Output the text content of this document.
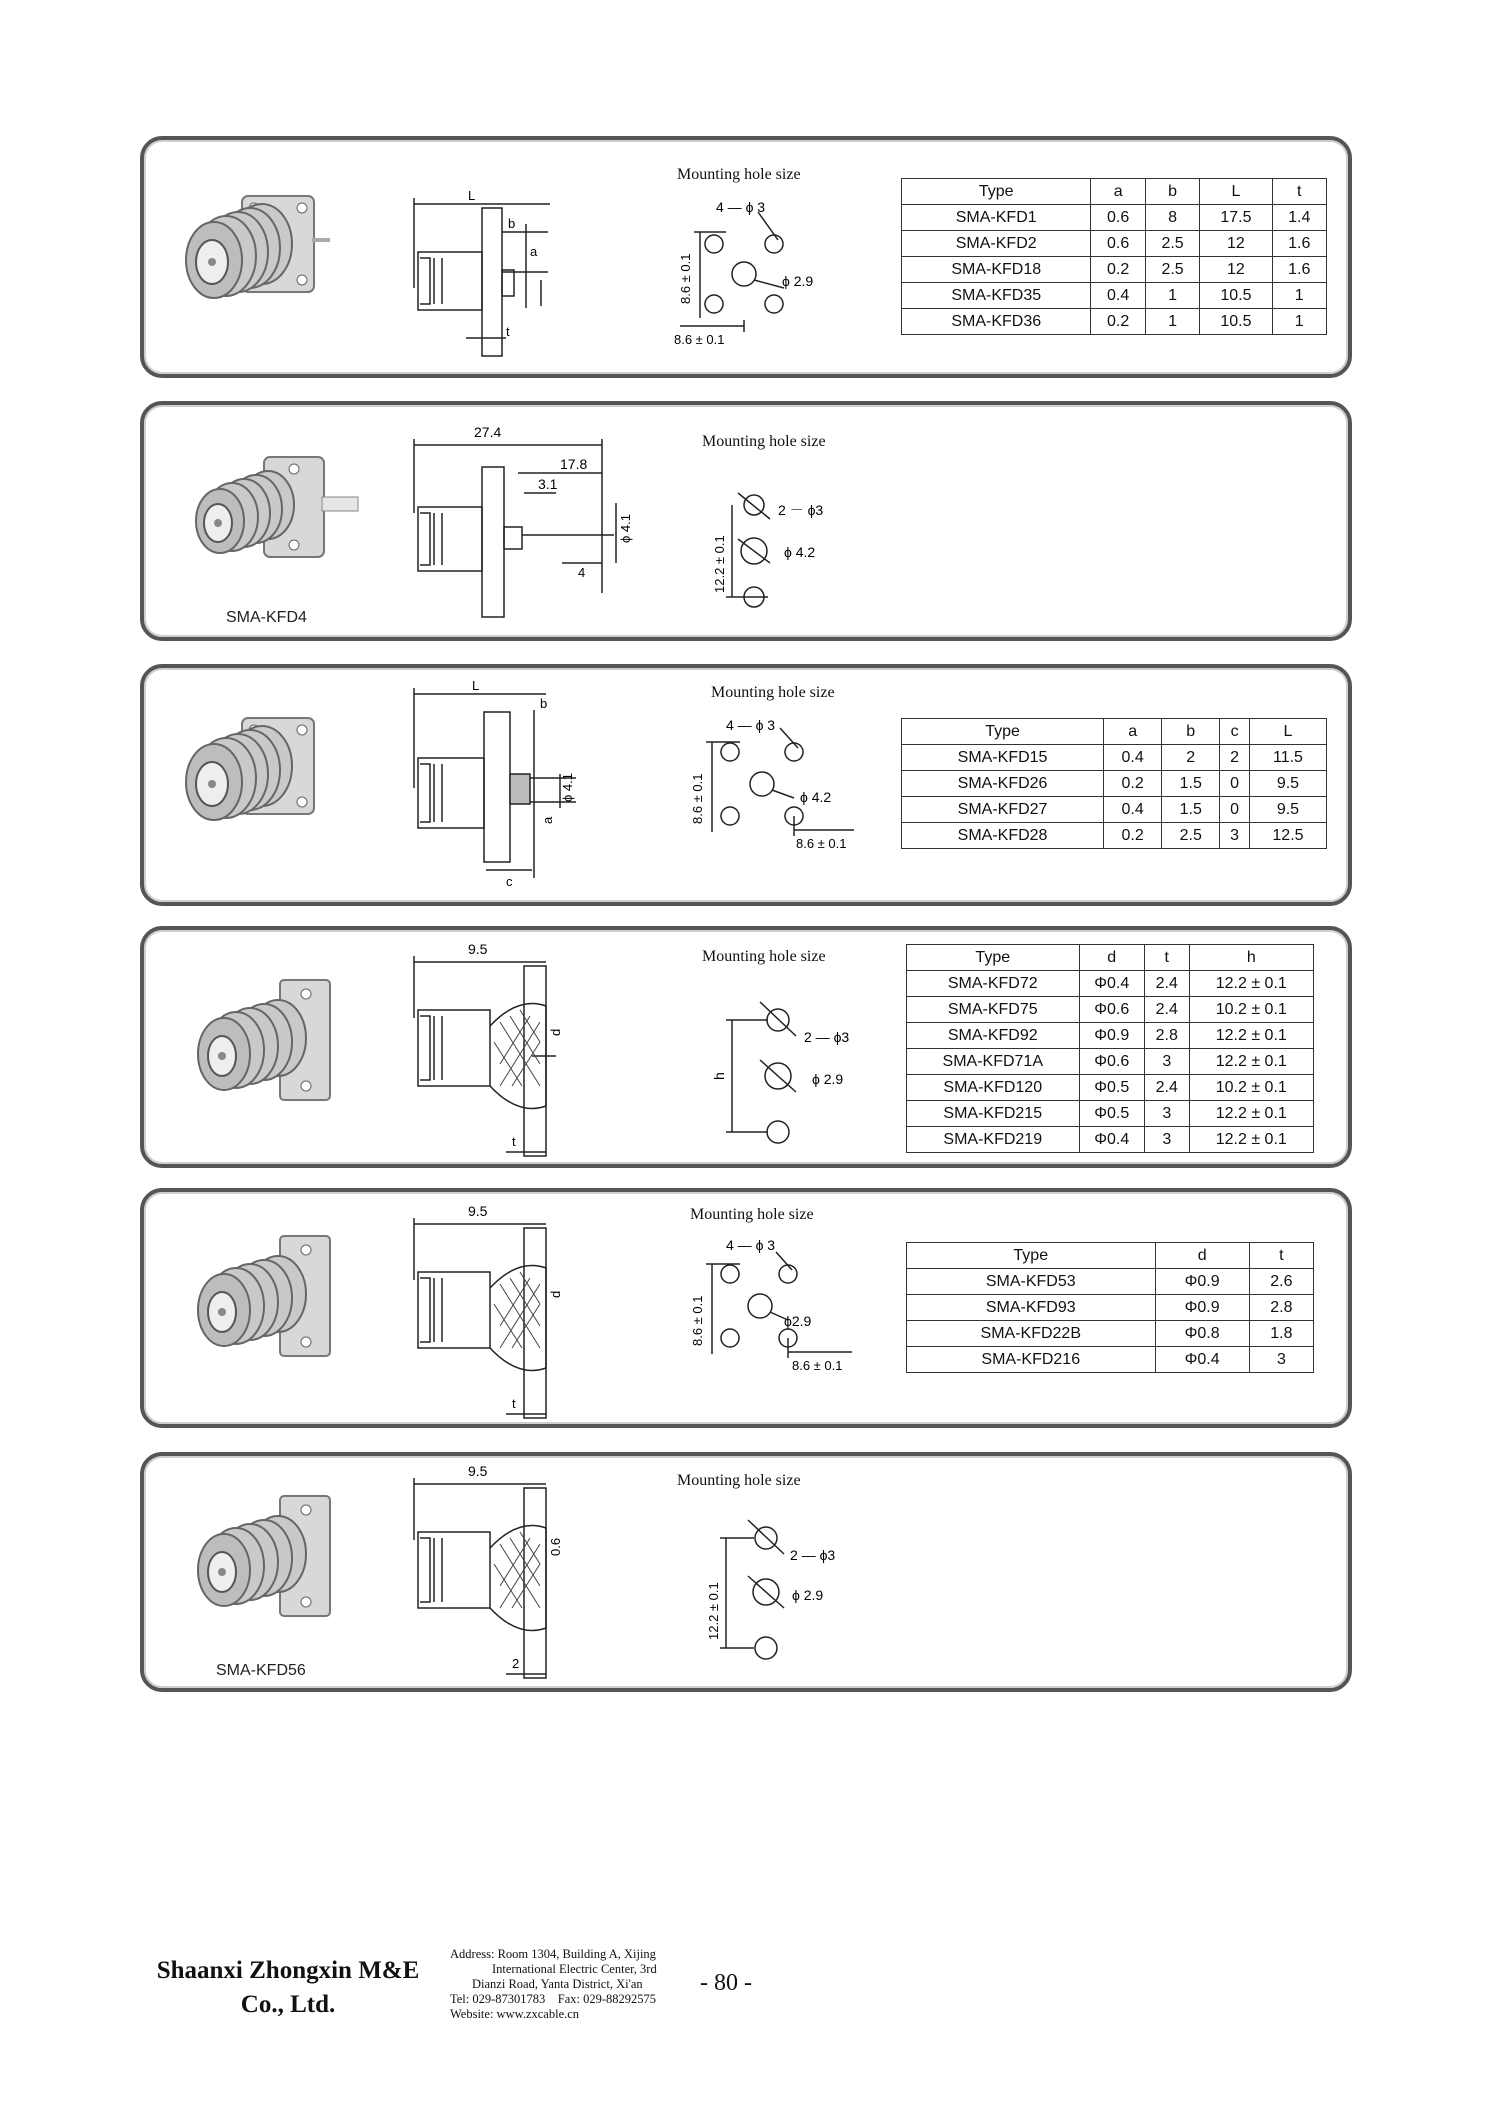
L
b
a
t
Mounting hole size
4 — ϕ 3
ϕ 2.9
8.6 ± 0.1
8.6 ± 0.1
Type	a	b	L	t
SMA-KFD1	0.6	8	17.5	1.4
SMA-KFD2	0.6	2.5	12	1.6
SMA-KFD18	0.2	2.5	12	1.6
SMA-KFD35	0.4	1	10.5	1
SMA-KFD36	0.2	1	10.5	1
SMA-KFD4
27.4
17.8
3.1
ϕ 4.1
4
Mounting hole size
2 － ϕ3
ϕ 4.2
12.2 ± 0.1
L
b
ϕ 4.1
a
c
Mounting hole size
4 — ϕ 3
ϕ 4.2
8.6 ± 0.1
8.6 ± 0.1
Type	a	b	c	L
SMA-KFD15	0.4	2	2	11.5
SMA-KFD26	0.2	1.5	0	9.5
SMA-KFD27	0.4	1.5	0	9.5
SMA-KFD28	0.2	2.5	3	12.5
9.5
d
t
Mounting hole size
2 — ϕ3
ϕ 2.9
h
Type	d	t	h
SMA-KFD72	Φ0.4	2.4	12.2 ± 0.1
SMA-KFD75	Φ0.6	2.4	10.2 ± 0.1
SMA-KFD92	Φ0.9	2.8	12.2 ± 0.1
SMA-KFD71A	Φ0.6	3	12.2 ± 0.1
SMA-KFD120	Φ0.5	2.4	10.2 ± 0.1
SMA-KFD215	Φ0.5	3	12.2 ± 0.1
SMA-KFD219	Φ0.4	3	12.2 ± 0.1
9.5
d
t
Mounting hole size
4 — ϕ 3
ϕ2.9
8.6 ± 0.1
8.6 ± 0.1
Type	d	t
SMA-KFD53	Φ0.9	2.6
SMA-KFD93	Φ0.9	2.8
SMA-KFD22B	Φ0.8	1.8
SMA-KFD216	Φ0.4	3
SMA-KFD56
9.5
0.6
2
Mounting hole size
2 — ϕ3
ϕ 2.9
12.2 ± 0.1
Shaanxi Zhongxin M&E
Co., Ltd.
Address: Room 1304, Building A, Xijing
International Electric Center, 3rd
Dianzi Road, Yanta District, Xi'an
Tel: 029-87301783    Fax: 029-88292575
Website: www.zxcable.cn
- 80 -
